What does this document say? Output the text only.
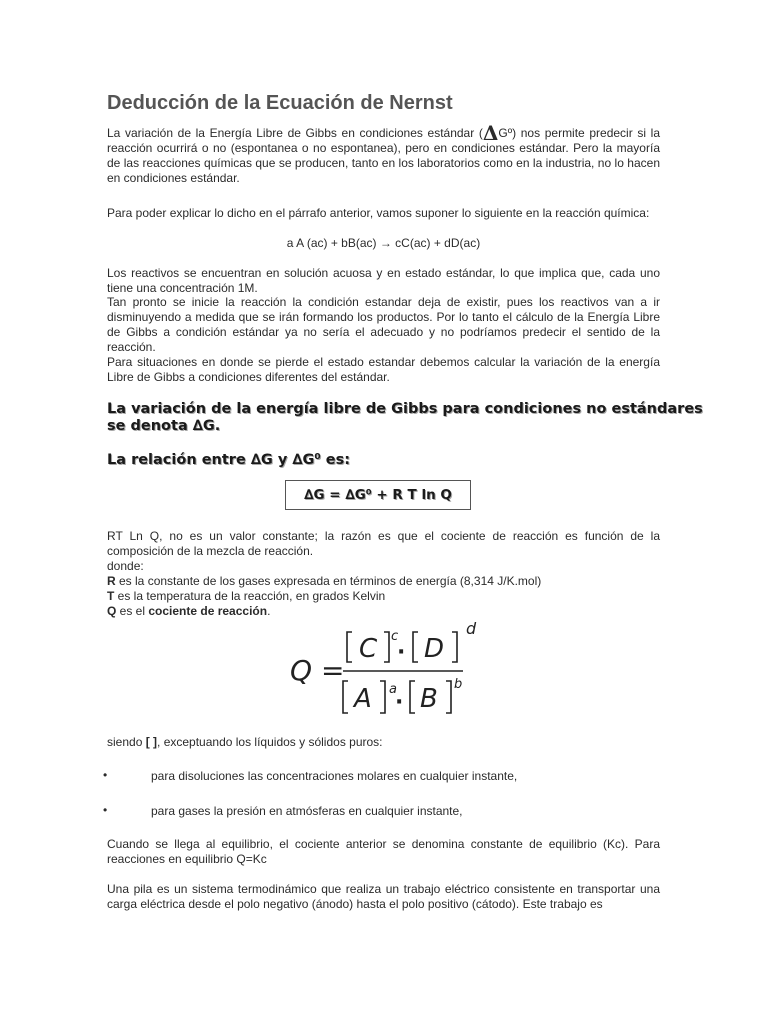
Deducción de la Ecuación de Nernst

La variación de la Energía Libre de Gibbs en condiciones estándar (ΔGº) nos permite predecir si la reacción ocurrirá o no (espontanea o no espontanea), pero en condiciones estándar. Pero la mayoría de las reacciones químicas que se producen, tanto en los laboratorios como en la industria, no lo hacen en condiciones estándar.

Para poder explicar lo dicho en el párrafo anterior, vamos suponer lo siguiente en la reacción química:

a A (ac) + bB(ac) → cC(ac) + dD(ac)

Los reactivos se encuentran en solución acuosa y en estado estándar, lo que implica que, cada uno tiene una concentración 1M.

Tan pronto se inicie la reacción la condición estandar deja de existir, pues los reactivos van a ir disminuyendo a medida que se irán formando los productos. Por lo tanto el cálculo de la Energía Libre de Gibbs a condición estándar ya no sería el adecuado y no podríamos predecir el sentido de la reacción.

Para situaciones en donde se pierde el estado estandar debemos calcular la variación de la energía Libre de Gibbs a condiciones diferentes del estándar.

La variación de la energía libre de Gibbs para condiciones no estándares se denota ∆G.
La relación entre ∆G y ∆G⁰ es:
∆G = ∆G⁰ + R T ln Q

RT Ln Q, no es un valor constante; la razón es que el cociente de reacción es función de la composición de la mezcla de reacción.

donde:

R es la constante de los gases expresada en términos de energía (8,314 J/K.mol)

T es la temperatura de la reacción, en grados Kelvin

Q es el cociente de reacción.

Q =
C c
· D
d
A a
· B b

siendo [ ], exceptuando los líquidos y sólidos puros:

•	para disoluciones las concentraciones molares en cualquier instante,
•	para gases la presión en atmósferas en cualquier instante,

Cuando se llega al equilibrio, el cociente anterior se denomina constante de equilibrio (Kc). Para reacciones en equilibrio Q=Kc

Una pila es un sistema termodinámico que realiza un trabajo eléctrico consistente en transportar una carga eléctrica desde el polo negativo (ánodo) hasta el polo positivo (cátodo). Este trabajo es
